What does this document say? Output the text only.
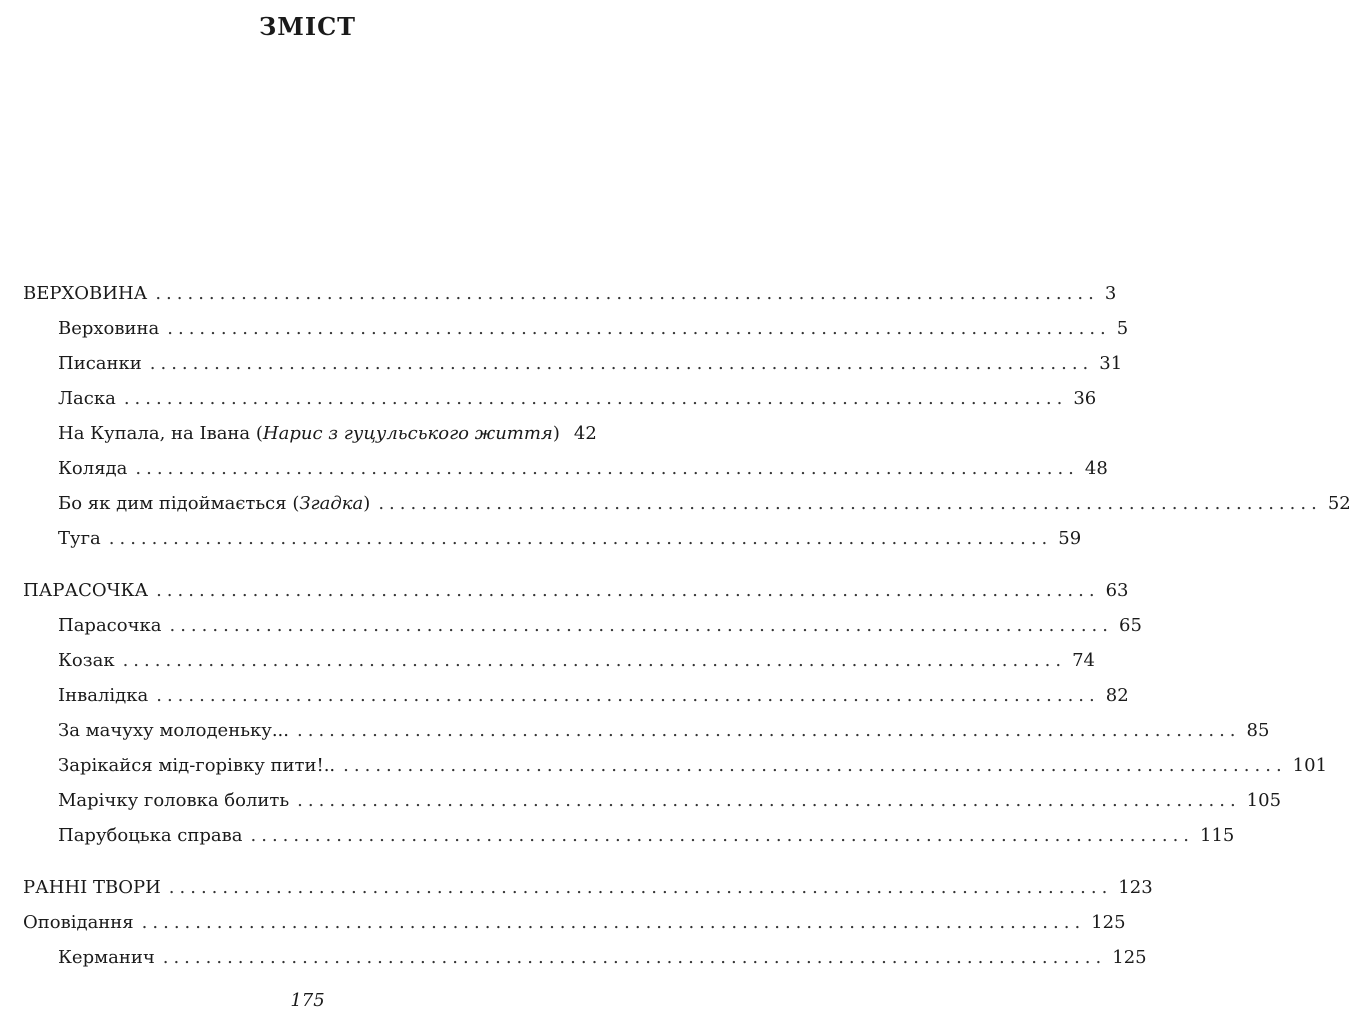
ЗМІСТ
ВЕРХОВИНА ........................................................................................ 3
Верховина ........................................................................................ 5
Писанки ........................................................................................ 31
Ласка ........................................................................................ 36
На Купала, на Івана (Нарис з гуцульського життя) 42
Коляда ........................................................................................ 48
Бо як дим підоймається (Згадка) ........................................................................................ 52
Туга ........................................................................................ 59
ПАРАСОЧКА ........................................................................................ 63
Парасочка ........................................................................................ 65
Козак ........................................................................................ 74
Інвалідка ........................................................................................ 82
За мачуху молоденьку... ........................................................................................ 85
Зарікайся мід-горівку пити!.. ........................................................................................ 101
Марічку головка болить ........................................................................................ 105
Парубоцька справа ........................................................................................ 115
РАННІ ТВОРИ ........................................................................................ 123
Оповідання ........................................................................................ 125
Керманич ........................................................................................ 125
175
